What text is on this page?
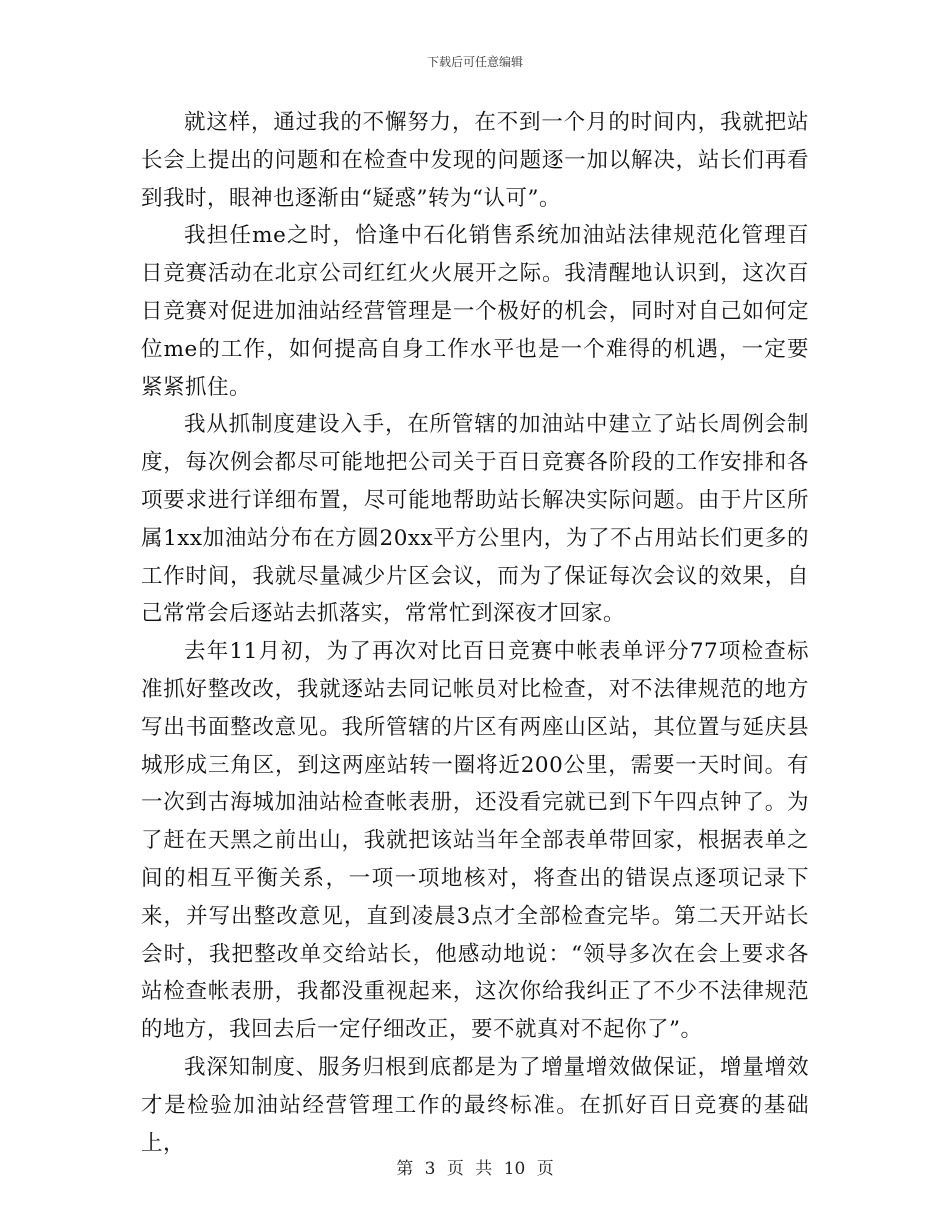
下载后可任意编辑

就这样，通过我的不懈努力，在不到一个月的时间内，我就把站长会上提出的问题和在检查中发现的问题逐一加以解决，站长们再看到我时，眼神也逐渐由“疑惑”转为“认可”。

我担任me之时，恰逢中石化销售系统加油站法律规范化管理百日竞赛活动在北京公司红红火火展开之际。我清醒地认识到，这次百日竞赛对促进加油站经营管理是一个极好的机会，同时对自己如何定位me的工作，如何提高自身工作水平也是一个难得的机遇，一定要紧紧抓住。

我从抓制度建设入手，在所管辖的加油站中建立了站长周例会制度，每次例会都尽可能地把公司关于百日竞赛各阶段的工作安排和各项要求进行详细布置，尽可能地帮助站长解决实际问题。由于片区所属1xx加油站分布在方圆20xx平方公里内，为了不占用站长们更多的工作时间，我就尽量减少片区会议，而为了保证每次会议的效果，自己常常会后逐站去抓落实，常常忙到深夜才回家。

去年11月初，为了再次对比百日竞赛中帐表单评分77项检查标准抓好整改改，我就逐站去同记帐员对比检查，对不法律规范的地方写出书面整改意见。我所管辖的片区有两座山区站，其位置与延庆县城形成三角区，到这两座站转一圈将近200公里，需要一天时间。有一次到古海城加油站检查帐表册，还没看完就已到下午四点钟了。为了赶在天黑之前出山，我就把该站当年全部表单带回家，根据表单之间的相互平衡关系，一项一项地核对，将查出的错误点逐项记录下来，并写出整改意见，直到凌晨3点才全部检查完毕。第二天开站长会时，我把整改单交给站长，他感动地说：“领导多次在会上要求各站检查帐表册，我都没重视起来，这次你给我纠正了不少不法律规范的地方，我回去后一定仔细改正，要不就真对不起你了”。

我深知制度、服务归根到底都是为了增量增效做保证，增量增效才是检验加油站经营管理工作的最终标准。在抓好百日竞赛的基础上，

第 3 页 共 10 页
